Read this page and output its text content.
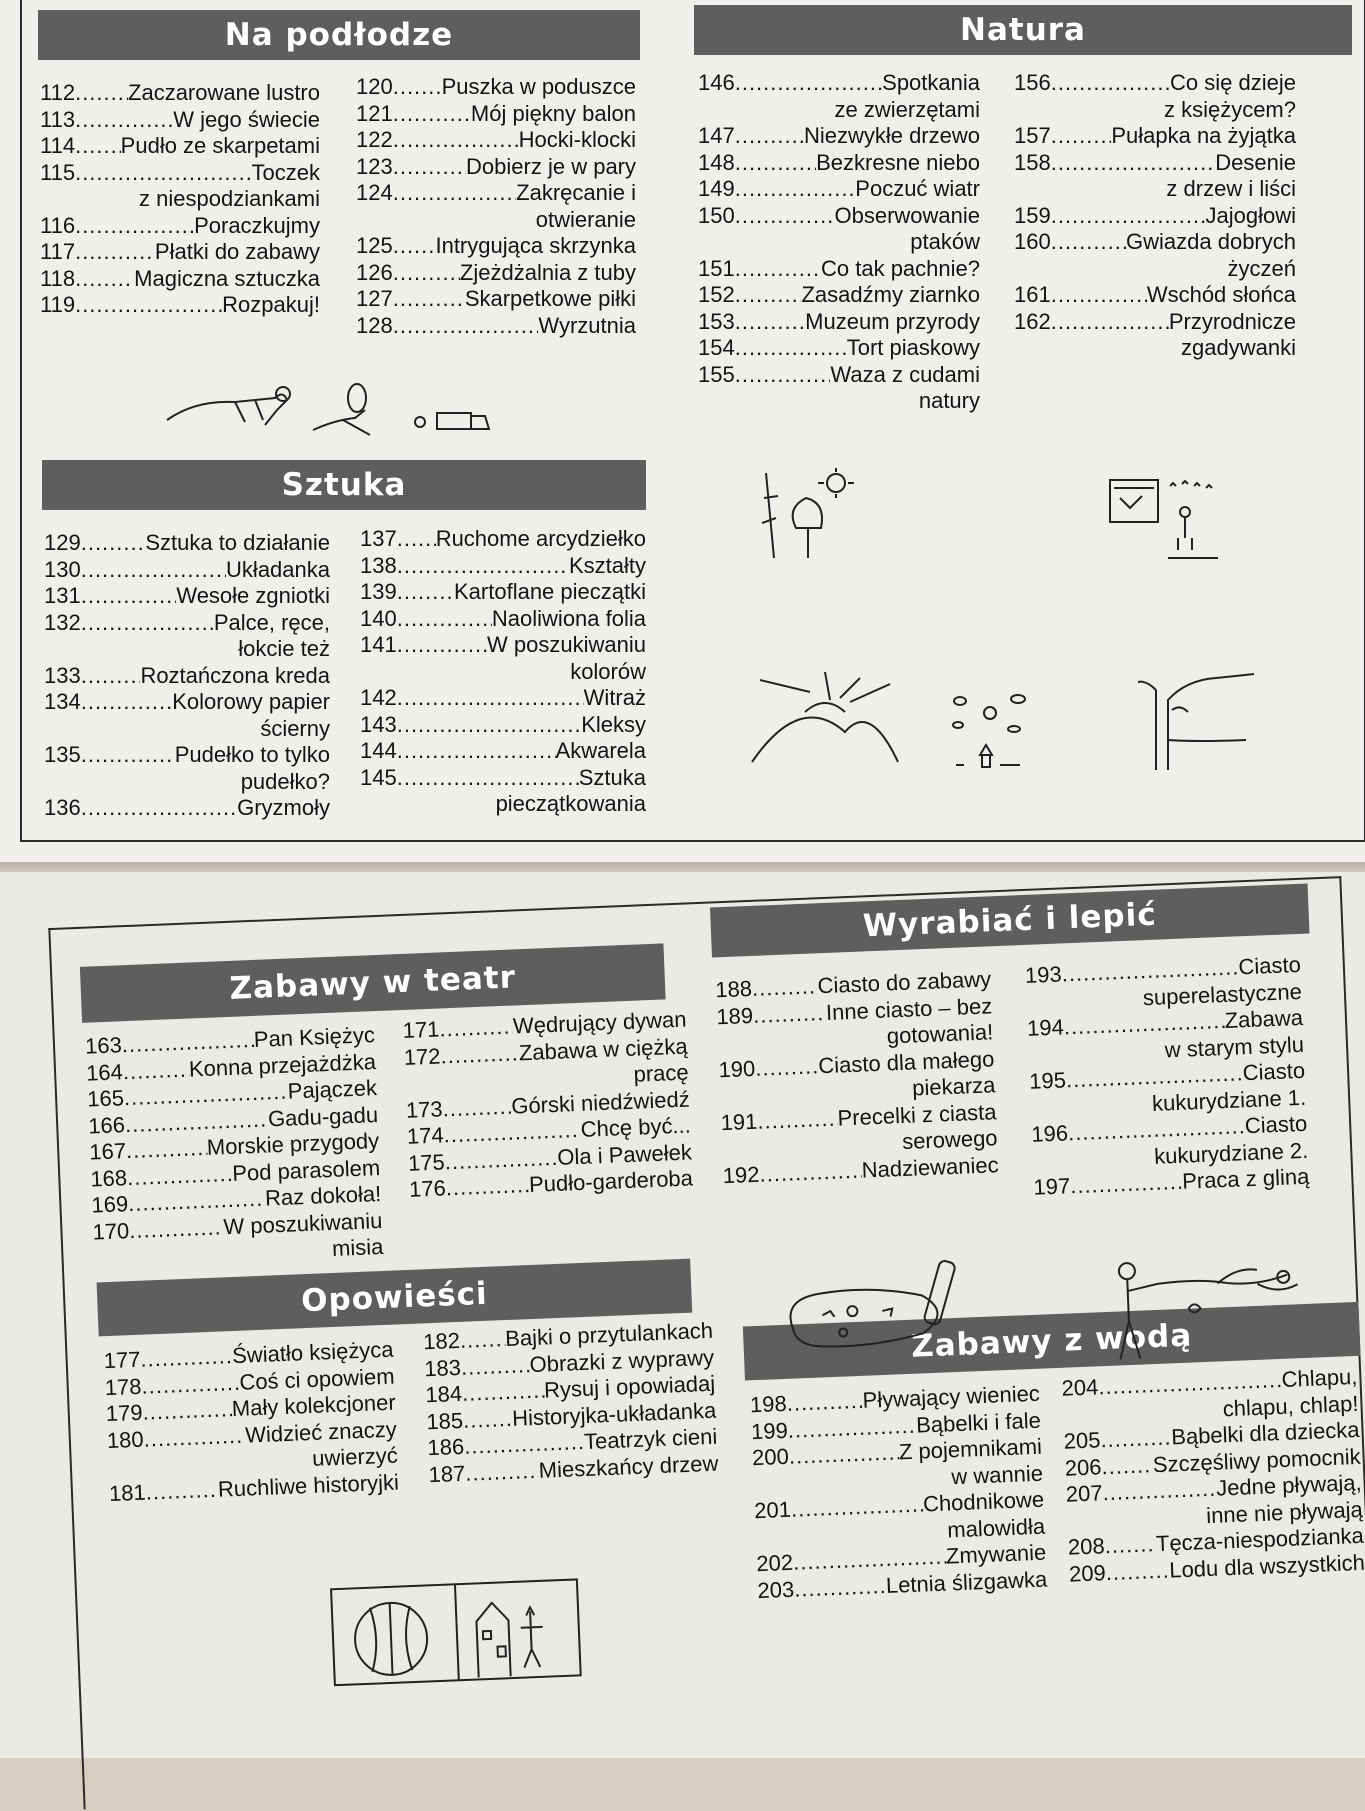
Na podłodze
112 ..... Zaczarowane lustro
113 .....	W jego świecie
114 ..... Pudło ze skarpetami
115 .....	Toczek
z niespodziankami
116 .....	Poraczkujmy
117 .....	Płatki do zabawy
118 .....	Magiczna sztuczka
119 .....	Rozpakuj!
120 ..... Puszka w poduszce
121 .....	Mój piękny balon
122 .....	Hocki-klocki
123 .....	Dobierz je w pary
124 .....	Zakręcanie i
otwieranie
125 ..... Intrygująca skrzynka
126 .....	Zjeżdżalnia z tuby
127 .....	Skarpetkowe piłki
128 .....	Wyrzutnia
Natura
146 .....	Spotkania
ze zwierzętami
147 .....	Niezwykłe drzewo
148 .....	Bezkresne niebo
149 .....	Poczuć wiatr
150 .....	Obserwowanie
ptaków
151 .....	Co tak pachnie?
152 .....	Zasadźmy ziarnko
153 .....	Muzeum przyrody
154 .....	Tort piaskowy
155 .....	Waza z cudami
natury
156 .....	Co się dzieje
z księżycem?
157 .....	Pułapka na żyjątka
158 .....	Desenie
z drzew i liści
159 .....	Jajogłowi
160 .....	Gwiazda dobrych
życzeń
161 .....	Wschód słońca
162 .....	Przyrodnicze
zgadywanki
Sztuka
129 .....	Sztuka to działanie
130 .....	Układanka
131 .....	Wesołe zgniotki
132 .....	Palce, ręce,
łokcie też
133 .....	Roztańczona kreda
134 .....	Kolorowy papier
ścierny
135 .....	Pudełko to tylko
pudełko?
136 .....	Gryzmoły
137 ..... Ruchome arcydziełko
138 .....	Kształty
139 .....	Kartoflane pieczątki
140 .....	Naoliwiona folia
141 .....	W poszukiwaniu
kolorów
142 .....	Witraż
143 .....	Kleksy
144 .....	Akwarela
145 .....	Sztuka
pieczątkowania
Zabawy w teatr
163 .....	Pan Księżyc
164 .....	Konna przejażdżka
165 .....	Pajączek
166 .....	Gadu-gadu
167 .....	Morskie przygody
168 .....	Pod parasolem
169 .....	Raz dokoła!
170 .....	W poszukiwaniu
misia
171 .....	Wędrujący dywan
172 .....	Zabawa w ciężką
pracę
173 .....	Górski niedźwiedź
174 .....	Chcę być...
175 .....	Ola i Pawełek
176 .....	Pudło-garderoba
Wyrabiać i lepić
188 .....	Ciasto do zabawy
189 .....	Inne ciasto – bez
gotowania!
190 .....	Ciasto dla małego
piekarza
191 .....	Precelki z ciasta
serowego
192 .....	Nadziewaniec
193 .....	Ciasto
superelastyczne
194 .....	Zabawa
w starym stylu
195 .....	Ciasto
kukurydziane 1.
196 .....	Ciasto
kukurydziane 2.
197 .....	Praca z gliną
Opowieści
177 .....	Światło księżyca
178 .....	Coś ci opowiem
179 .....	Mały kolekcjoner
180 .....	Widzieć znaczy
uwierzyć
181 .....	Ruchliwe historyjki
182 ..... Bajki o przytulankach
183 .....	Obrazki z wyprawy
184 .....	Rysuj i opowiadaj
185 ..... Historyjka-układanka
186 .....	Teatrzyk cieni
187 .....	Mieszkańcy drzew
Zabawy z wodą
198 .....	Pływający wieniec
199 .....	Bąbelki i fale
200 .....	Z pojemnikami
w wannie
201 .....	Chodnikowe
malowidła
202 .....	Zmywanie
203 .....	Letnia ślizgawka
204 .....	Chlapu,
chlapu, chlap!
205 .....	Bąbelki dla dziecka
206 ..... Szczęśliwy pomocnik
207 .....	Jedne pływają,
inne nie pływają
208 ..... Tęcza-niespodzianka
209 .....	Lodu dla wszystkich
